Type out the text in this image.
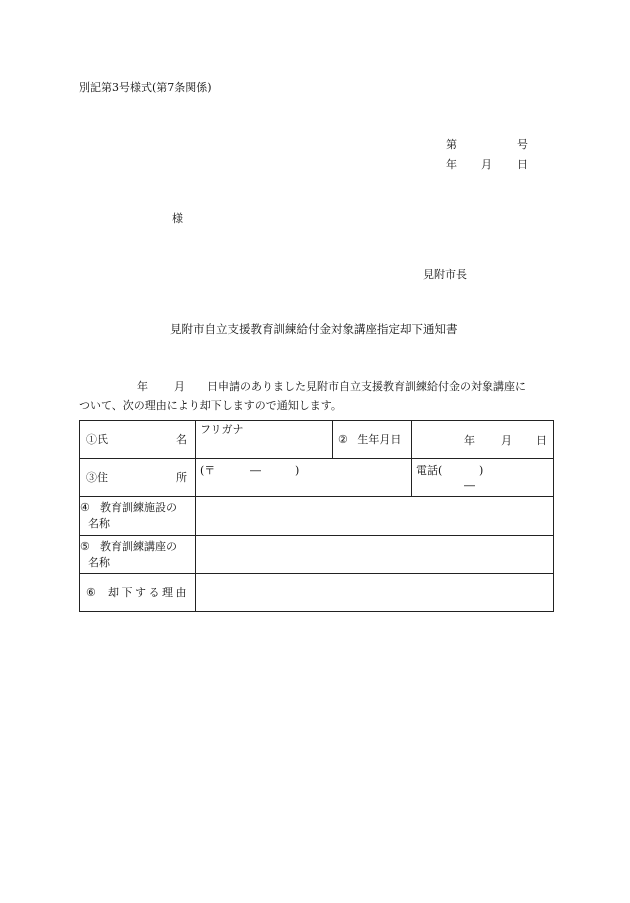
別記第3号様式(第7条関係)
第	号
年 月 日
様
見附市長
見附市自立支援教育訓練給付金対象講座指定却下通知書
年 月 日申請のありました見附市自立支援教育訓練給付金の対象講座に
ついて、次の理由により却下しますので通知します。
①氏 名	フリガナ	② 生年月日	年 月 日

③住 所	(〒 ― )		電話( )
―

④ 教育訓練施設の
名称			

⑤ 教育訓練講座の
名称			

⑥ 却下する理由			
